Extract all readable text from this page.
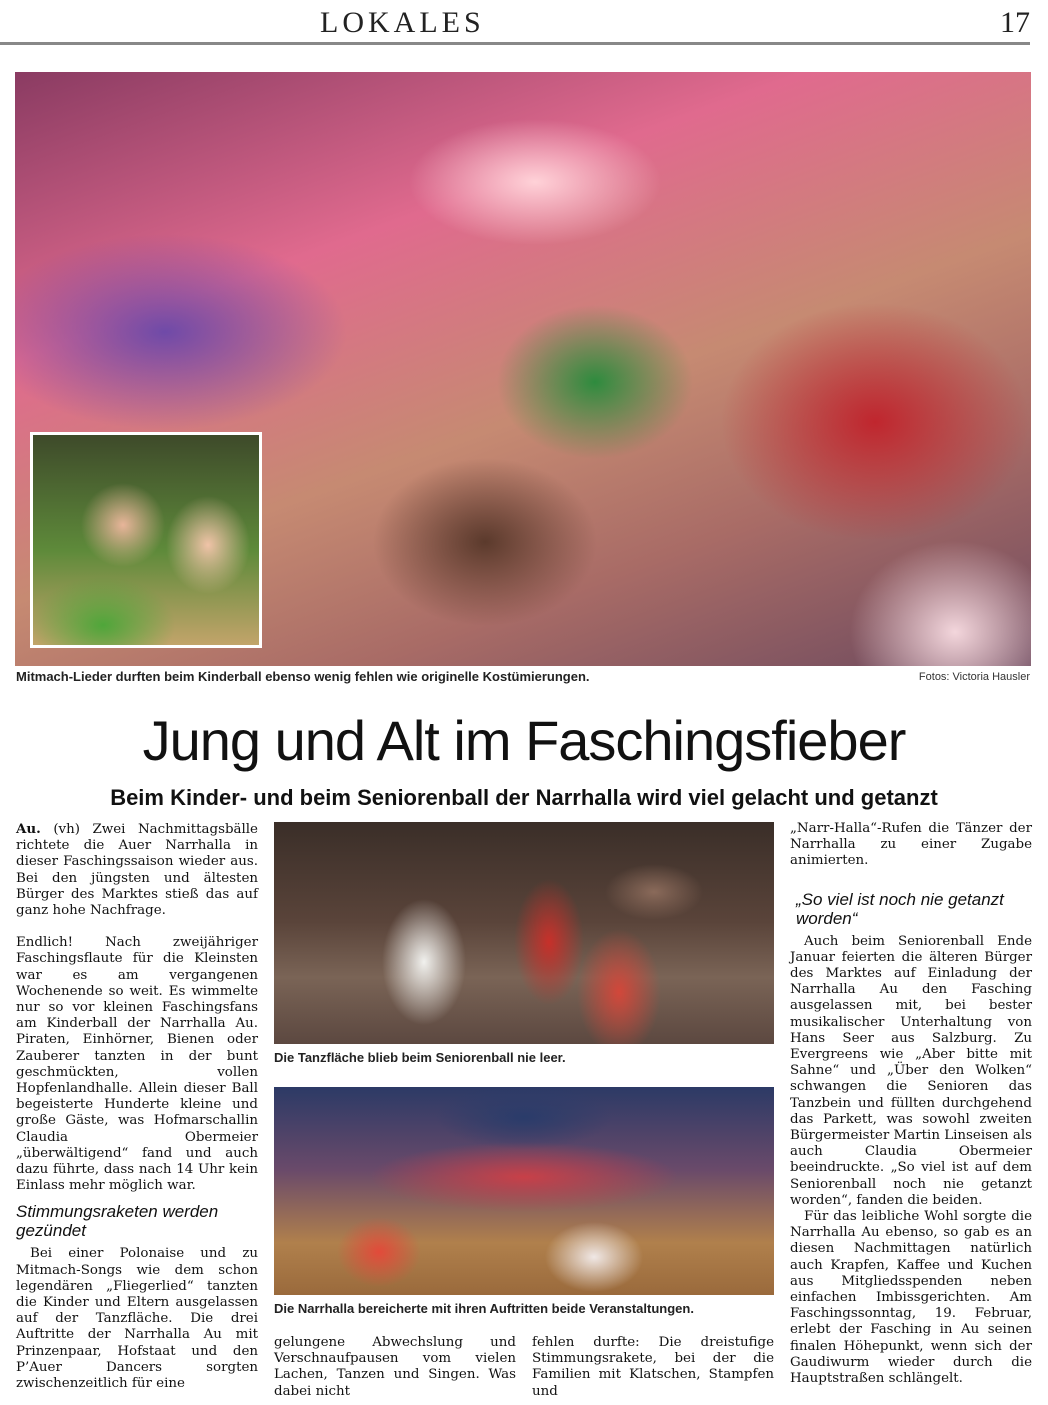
LOKALES	17
Mitmach-Lieder durften beim Kinderball ebenso wenig fehlen wie originelle Kostümierungen.	Fotos: Victoria Hausler
Jung und Alt im Faschingsfieber
Beim Kinder- und beim Seniorenball der Narrhalla wird viel gelacht und getanzt

Au. (vh) Zwei Nachmittagsbälle richtete die Auer Narrhalla in dieser Faschingssaison wieder aus. Bei den jüngsten und ältesten Bürger des Marktes stieß das auf ganz hohe Nachfrage.

Endlich! Nach zweijähriger Faschingsflaute für die Kleinsten war es am vergangenen Wochenende so weit. Es wimmelte nur so vor kleinen Faschingsfans am Kinderball der Narrhalla Au. Piraten, Einhörner, Bienen oder Zauberer tanzten in der bunt geschmückten, vollen Hopfenlandhalle. Allein dieser Ball begeisterte Hunderte kleine und große Gäste, was Hofmarschallin Claudia Obermeier „überwältigend“ fand und auch dazu führte, dass nach 14 Uhr kein Einlass mehr möglich war.

Stimmungsraketen werden gezündet

Bei einer Polonaise und zu Mitmach-Songs wie dem schon legendären „Fliegerlied“ tanzten die Kinder und Eltern ausgelassen auf der Tanzfläche. Die drei Auftritte der Narrhalla Au mit Prinzenpaar, Hofstaat und den P’Auer Dancers sorgten zwischenzeitlich für eine

Die Tanzfläche blieb beim Seniorenball nie leer.
Die Narrhalla bereicherte mit ihren Auftritten beide Veranstaltungen.
gelungene Abwechslung und Verschnaufpausen vom vielen Lachen, Tanzen und Singen. Was dabei nicht
fehlen durfte: Die dreistufige Stimmungsrakete, bei der die Familien mit Klatschen, Stampfen und

„Narr-Halla“-Rufen die Tänzer der Narrhalla zu einer Zugabe animierten.

„So viel ist noch nie getanzt worden“

Auch beim Seniorenball Ende Januar feierten die älteren Bürger des Marktes auf Einladung der Narrhalla Au den Fasching ausgelassen mit, bei bester musikalischer Unterhaltung von Hans Seer aus Salzburg. Zu Evergreens wie „Aber bitte mit Sahne“ und „Über den Wolken“ schwangen die Senioren das Tanzbein und füllten durchgehend das Parkett, was sowohl zweiten Bürgermeister Martin Linseisen als auch Claudia Obermeier beeindruckte. „So viel ist auf dem Seniorenball noch nie getanzt worden“, fanden die beiden.

Für das leibliche Wohl sorgte die Narrhalla Au ebenso, so gab es an diesen Nachmittagen natürlich auch Krapfen, Kaffee und Kuchen aus Mitgliedsspenden neben einfachen Imbissgerichten. Am Faschingssonntag, 19. Februar, erlebt der Fasching in Au seinen finalen Höhepunkt, wenn sich der Gaudiwurm wieder durch die Hauptstraßen schlängelt.
